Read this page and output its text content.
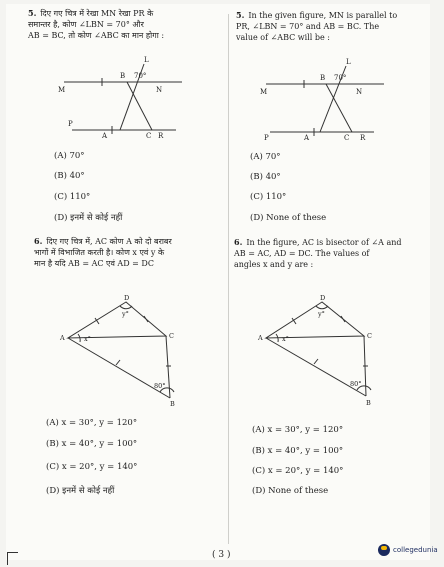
5. दिए गए चित्र में रेखा MN रेखा PR के
समान्तर है, कोण ∠LBN = 70° और
AB = BC, तो कोण ∠ABC का मान होगा :
5. In the given figure, MN is parallel to
PR, ∠LBN = 70° and AB = BC. The
value of ∠ABC will be :
L
M	N
B 70°
P
A	C R
L
M	N
B 70°
P	A	C R
(A) 70°
(B) 40°
(C) 110°
(D) इनमें से कोई नहीं
(A) 70°
(B) 40°
(C) 110°
(D) None of these
6. दिए गए चित्र में, AC कोण A को दो बराबर
भागों में विभाजित करती है। कोण x एवं y के
मान है यदि AB = AC एवं AD = DC
6. In the figure, AC is bisector of ∠A and
AB = AC, AD = DC. The values of
angles x and y are :
D
y°
A	x°	C
80°
B
D
y°
A	x°	C
80°
B
(A) x = 30°, y = 120°
(B) x = 40°, y = 100°
(C) x = 20°, y = 140°
(D) इनमें से कोई नहीं
(A) x = 30°, y = 120°
(B) x = 40°, y = 100°
(C) x = 20°, y = 140°
(D) None of these
( 3 )	collegedunia
